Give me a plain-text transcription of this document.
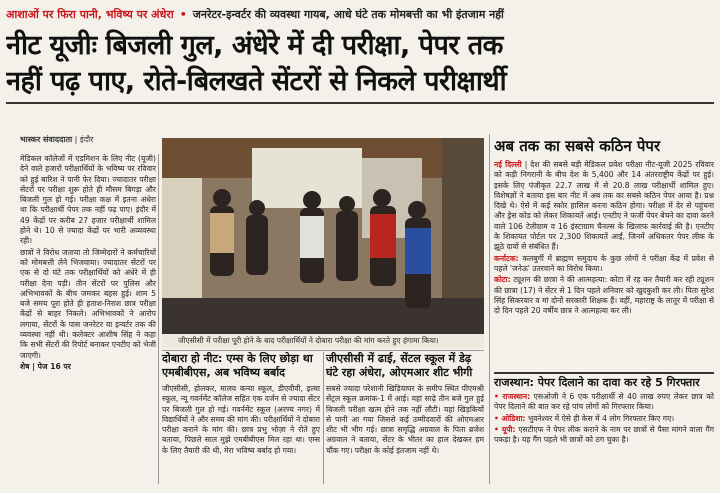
आशाओं पर फिरा पानी, भविष्य पर अंधेरा • जनरेटर-इन्वर्टर की व्यवस्था गायब, आधे घंटे तक मोमबत्ती का भी इंतजाम नहीं
नीट यूजीः बिजली गुल, अंधेरे में दी परीक्षा, पेपर तक
नहीं पढ़ पाए, रोते-बिलखते सेंटरों से निकले परीक्षार्थी
भास्कर संवाददाता | इंदौर

मेडिकल कॉलेजों में एडमिशन के लिए नीट (यूजी) देने वाले हजारों परीक्षार्थियों के भविष्य पर रविवार को हुई बारिश ने पानी फेर दिया। ज्यादातर परीक्षा सेंटरों पर परीक्षा शुरू होते ही मौसम बिगड़ा और बिजली गुल हो गई। परीक्षा कक्ष में इतना अंधेरा था कि परीक्षार्थी पेपर तक नहीं पढ़ पाए। इंदौर में 49 केंद्रों पर करीब 27 हजार परीक्षार्थी शामिल होने थे। 10 से ज्यादा केंद्रों पर भारी अव्यवस्था रही।

छात्रों ने विरोध जताया तो जिम्मेदारों ने कर्मचारियों को मोमबत्ती लेने भिजवाया। ज्यादातर सेंटरों पर एक से दो घंटे तक परीक्षार्थियों को अंधेरे में ही परीक्षा देना पड़ी। तीन सेंटरों पर पुलिस और अभिभावकों के बीच जमकर बहस हुई। शाम 5 बजे समय पूरा होते ही हताश-निराश छात्र परीक्षा केंद्रों से बाहर निकले। अभिभावकों ने आरोप लगाया, सेंटरों के पास जनरेटर या इन्वर्टर तक की व्यवस्था नहीं थी। कलेक्टर आशीष सिंह ने कहा कि सभी सेंटरों की रिपोर्ट बनाकर एनटीए को भेजी जाएगी।

शेष | पेज 16 पर

जीएसीसी में परीक्षा पूरी होने के बाद परीक्षार्थियों ने दोबारा परीक्षा की मांग करते हुए हंगामा किया।
दोबारा हो नीट: एम्स के लिए छोड़ा था एमबीबीएस, अब भविष्य बर्बाद
जीएसीसी, होलकर, मालव कन्या स्कूल, डीएवीवी, इल्वा स्कूल, न्यू गवर्नमेंट कॉलेज सहित एक दर्जन से ज्यादा सेंटर पर बिजली गुल हो गई। गवर्नमेंट स्कूल (अरण्य नगर) में विद्यार्थियों ने और समय की मांग की। परीक्षार्थियों ने दोबारा परीक्षा कराने के मांग की। छात्र प्रभु भोज़ा ने रोते हुए बताया, पिछले साल मुझे एमबीबीएस मिल रहा था। एम्स के लिए तैयारी की थी, मेरा भविष्य बर्बाद हो गया।
जीएसीसी में ढाई, सेंटल स्कूल में डेढ़ घंटे रहा अंधेरा, ओएमआर शीट भीगी
सबसे ज्यादा परेशानी खिड़ियाघर के समीप स्थित पीएमश्री सेंट्रल स्कूल क्रमांक-1 में आई। यहां साढ़े तीन बजे गुल हुई बिजली परीक्षा खत्म होने तक नहीं लौटी। यहां खिड़कियों से पानी आ गया जिससे कई उम्मीदवारों की ओएमआर शीट भी भीग गई। छात्रा समृद्धि अग्रवाल के पिता ब्रजेश अग्रवाल ने बताया, सेंटर के भीतर का हाल देखकर हम चौंक गए। परीक्षा के कोई इंतजाम नहीं थे।
अब तक का सबसे कठिन पेपर

नई दिल्ली | देश की सबसे बड़ी मेडिकल प्रवेश परीक्षा नीट-यूजी 2025 रविवार को कड़ी निगरानी के बीच देश के 5,400 और 14 अंतरराष्ट्रीय केंद्रों पर हुई। इसके लिए पंजीकृत 22.7 लाख में से 20.8 लाख परीक्षार्थी शामिल हुए। विशेषज्ञों ने बताया इस बार नीट में अब तक का सबसे कठिन पेपर आया है। प्रश्न दिखे थे। ऐसे में कई स्कोर हासिल करना कठिन होगा। परीक्षा में देर से पहुंचना और ड्रेस कोड को लेकर शिकायतें आईं। एनटीए ने फर्जी पेपर बेचने का दावा करने वाले 106 टेलीग्राम व 16 इंस्टाग्राम चैनल्स के खिलाफ कार्रवाई की है। एनटीए के शिकायत पोर्टल पर 2,300 शिकायतें आईं, जिनमें अधिकतर पेपर लीक के झूठे दावों से संबंधित हैं।

कर्नाटक: कलबुर्गी में ब्राह्मण समुदाय के कुछ लोगों ने परीक्षा केंद्र में प्रवेश से पहले 'जनेऊ' उतरवाने का विरोध किया।

कोटा: ट्यूशन की छात्रा ने की आत्महत्या: कोटा में रह कर तैयारी कर रही ट्यूशन की छात्रा (17) ने सेंटर से 1 दिन पहले शनिवार को खुदकुशी कर ली। पिता सुरेश सिंह सिकरवार व मां दोनों सरकारी शिक्षक हैं। वहीं, महाराष्ट्र के लातूर में परीक्षा से दो दिन पहले 20 वर्षीय छात्र ने आत्महत्या कर ली।

राजस्थान: पेपर दिलाने का दावा कर रहे 5 गिरफ्तार

• राजस्थान: एसओजी ने 6 एक परीक्षार्थी से 40 लाख रुपए लेकर छात्र को पेपर दिलाने की बात कर रहे पांच लोगों को गिरफ्तार किया।

• ओडिशा: भुवनेश्वर में ऐसे ही केस में 4 लोग गिरफ्तार किए गए।

• यूपी: एसटीएफ ने पेपर लीक कराने के नाम पर छात्रों से पैसा मांगने वाला गैंग पकड़ा है। यह गैंग पहले भी छात्रों को ठग चुका है।
